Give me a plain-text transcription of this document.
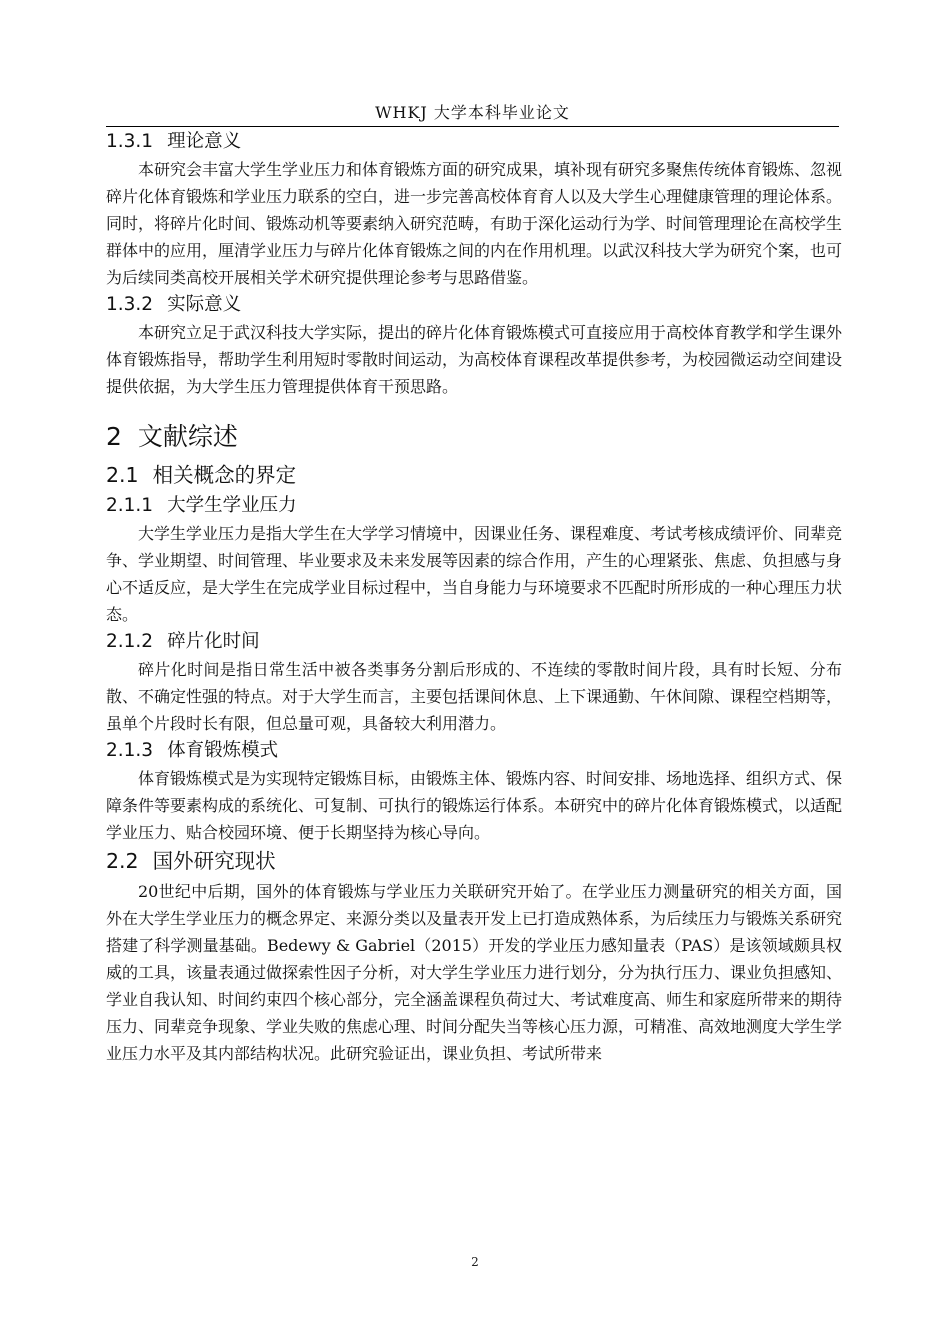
WHKJ 大学本科毕业论文
1.3.1 理论意义

本研究会丰富大学生学业压力和体育锻炼方面的研究成果，填补现有研究多聚焦传统体育锻炼、忽视碎片化体育锻炼和学业压力联系的空白，进一步完善高校体育育人以及大学生心理健康管理的理论体系。同时，将碎片化时间、锻炼动机等要素纳入研究范畴，有助于深化运动行为学、时间管理理论在高校学生群体中的应用，厘清学业压力与碎片化体育锻炼之间的内在作用机理。以武汉科技大学为研究个案，也可为后续同类高校开展相关学术研究提供理论参考与思路借鉴。

1.3.2 实际意义

本研究立足于武汉科技大学实际，提出的碎片化体育锻炼模式可直接应用于高校体育教学和学生课外体育锻炼指导，帮助学生利用短时零散时间运动，为高校体育课程改革提供参考，为校园微运动空间建设提供依据，为大学生压力管理提供体育干预思路。

2 文献综述
2.1 相关概念的界定
2.1.1 大学生学业压力

大学生学业压力是指大学生在大学学习情境中，因课业任务、课程难度、考试考核成绩评价、同辈竞争、学业期望、时间管理、毕业要求及未来发展等因素的综合作用，产生的心理紧张、焦虑、负担感与身心不适反应，是大学生在完成学业目标过程中，当自身能力与环境要求不匹配时所形成的一种心理压力状态。

2.1.2 碎片化时间

碎片化时间是指日常生活中被各类事务分割后形成的、不连续的零散时间片段，具有时长短、分布散、不确定性强的特点。对于大学生而言，主要包括课间休息、上下课通勤、午休间隙、课程空档期等，虽单个片段时长有限，但总量可观，具备较大利用潜力。

2.1.3 体育锻炼模式

体育锻炼模式是为实现特定锻炼目标，由锻炼主体、锻炼内容、时间安排、场地选择、组织方式、保障条件等要素构成的系统化、可复制、可执行的锻炼运行体系。本研究中的碎片化体育锻炼模式，以适配学业压力、贴合校园环境、便于长期坚持为核心导向。

2.2 国外研究现状

20世纪中后期，国外的体育锻炼与学业压力关联研究开始了。在学业压力测量研究的相关方面，国外在大学生学业压力的概念界定、来源分类以及量表开发上已打造成熟体系，为后续压力与锻炼关系研究搭建了科学测量基础。Bedewy & Gabriel（2015）开发的学业压力感知量表（PAS）是该领域颇具权威的工具，该量表通过做探索性因子分析，对大学生学业压力进行划分，分为执行压力、课业负担感知、学业自我认知、时间约束四个核心部分，完全涵盖课程负荷过大、考试难度高、师生和家庭所带来的期待压力、同辈竞争现象、学业失败的焦虑心理、时间分配失当等核心压力源，可精准、高效地测度大学生学业压力水平及其内部结构状况。此研究验证出，课业负担、考试所带来

2
